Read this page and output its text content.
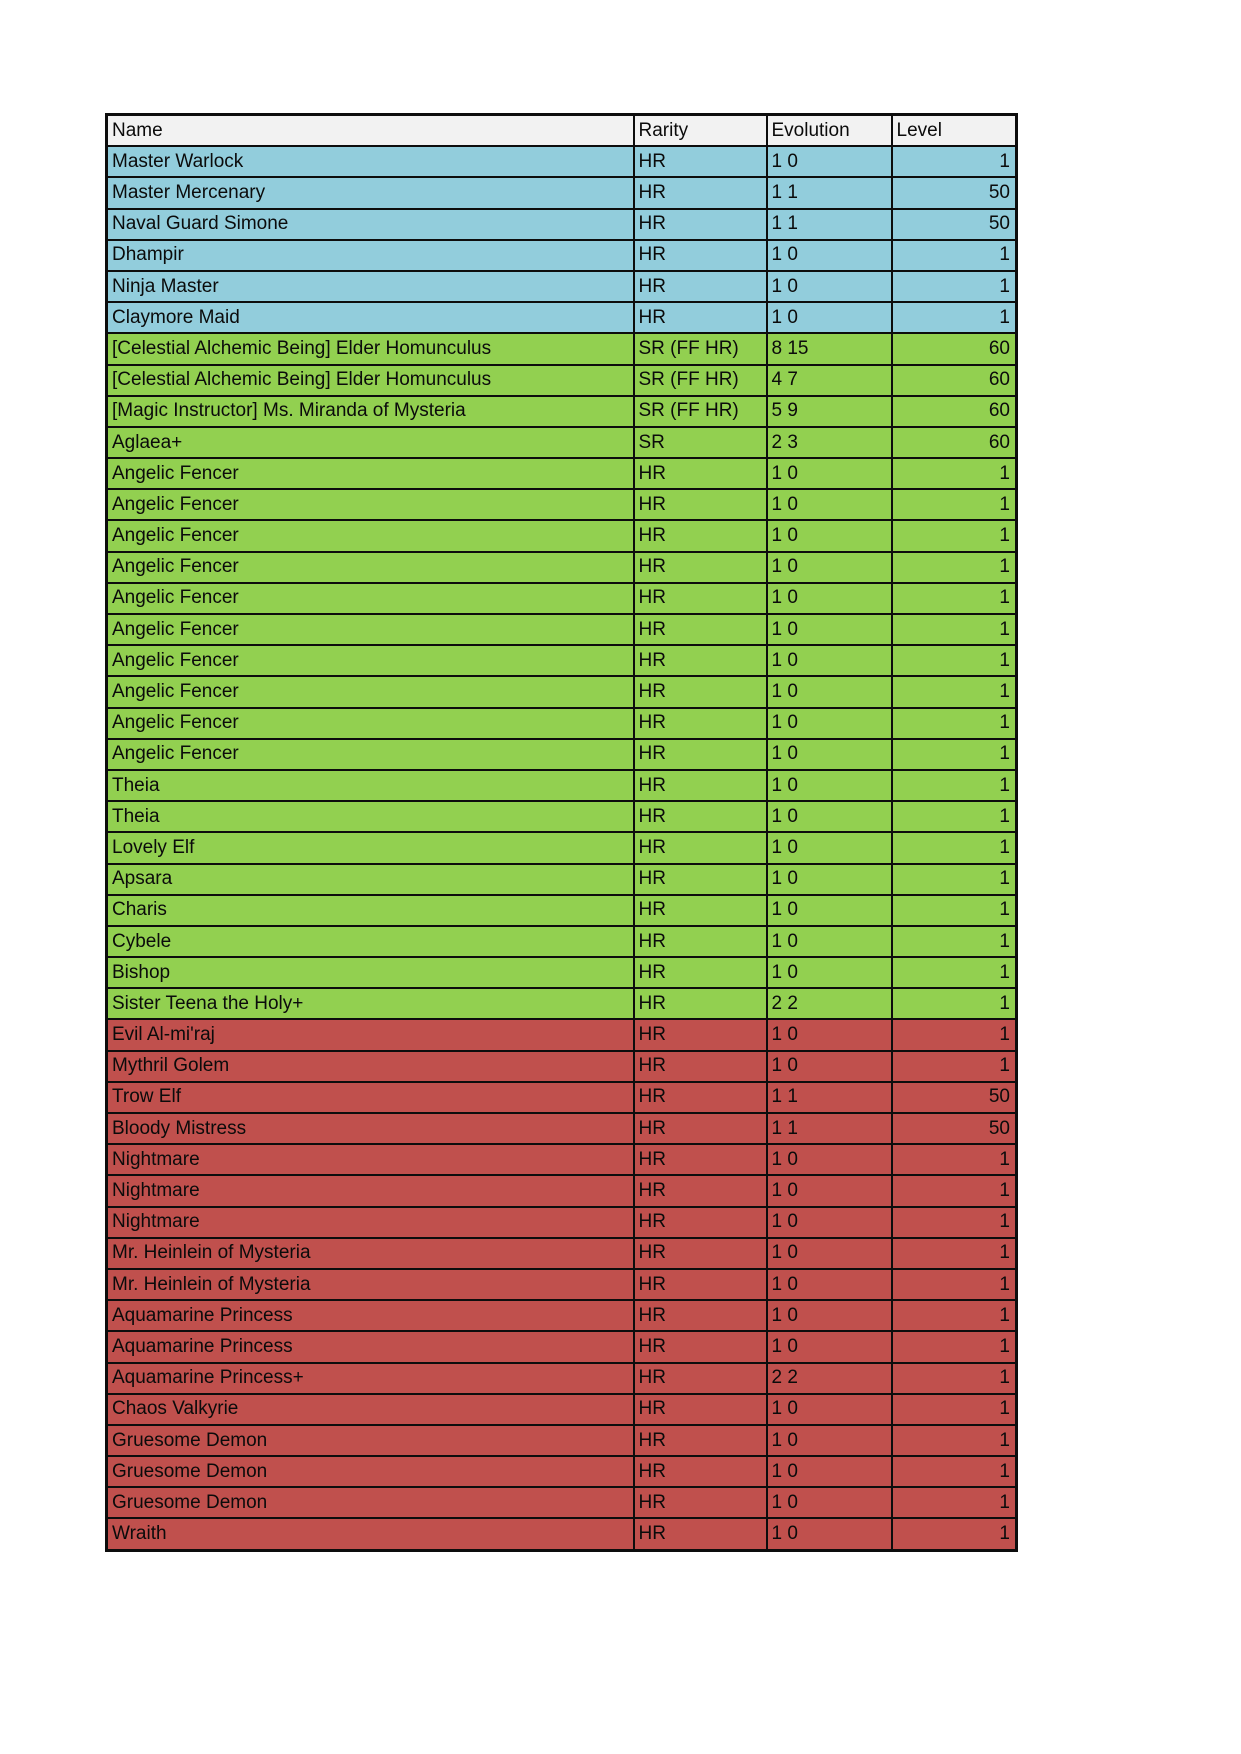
Name	Rarity	Evolution	Level
Master Warlock	HR	1 0	1
Master Mercenary	HR	1 1	50
Naval Guard Simone	HR	1 1	50
Dhampir	HR	1 0	1
Ninja Master	HR	1 0	1
Claymore Maid	HR	1 0	1
[Celestial Alchemic Being] Elder Homunculus	SR (FF HR)	8 15	60
[Celestial Alchemic Being] Elder Homunculus	SR (FF HR)	4 7	60
[Magic Instructor] Ms. Miranda of Mysteria	SR (FF HR)	5 9	60
Aglaea+	SR	2 3	60
Angelic Fencer	HR	1 0	1
Angelic Fencer	HR	1 0	1
Angelic Fencer	HR	1 0	1
Angelic Fencer	HR	1 0	1
Angelic Fencer	HR	1 0	1
Angelic Fencer	HR	1 0	1
Angelic Fencer	HR	1 0	1
Angelic Fencer	HR	1 0	1
Angelic Fencer	HR	1 0	1
Angelic Fencer	HR	1 0	1
Theia	HR	1 0	1
Theia	HR	1 0	1
Lovely Elf	HR	1 0	1
Apsara	HR	1 0	1
Charis	HR	1 0	1
Cybele	HR	1 0	1
Bishop	HR	1 0	1
Sister Teena the Holy+	HR	2 2	1
Evil Al-mi'raj	HR	1 0	1
Mythril Golem	HR	1 0	1
Trow Elf	HR	1 1	50
Bloody Mistress	HR	1 1	50
Nightmare	HR	1 0	1
Nightmare	HR	1 0	1
Nightmare	HR	1 0	1
Mr. Heinlein of Mysteria	HR	1 0	1
Mr. Heinlein of Mysteria	HR	1 0	1
Aquamarine Princess	HR	1 0	1
Aquamarine Princess	HR	1 0	1
Aquamarine Princess+	HR	2 2	1
Chaos Valkyrie	HR	1 0	1
Gruesome Demon	HR	1 0	1
Gruesome Demon	HR	1 0	1
Gruesome Demon	HR	1 0	1
Wraith	HR	1 0	1
